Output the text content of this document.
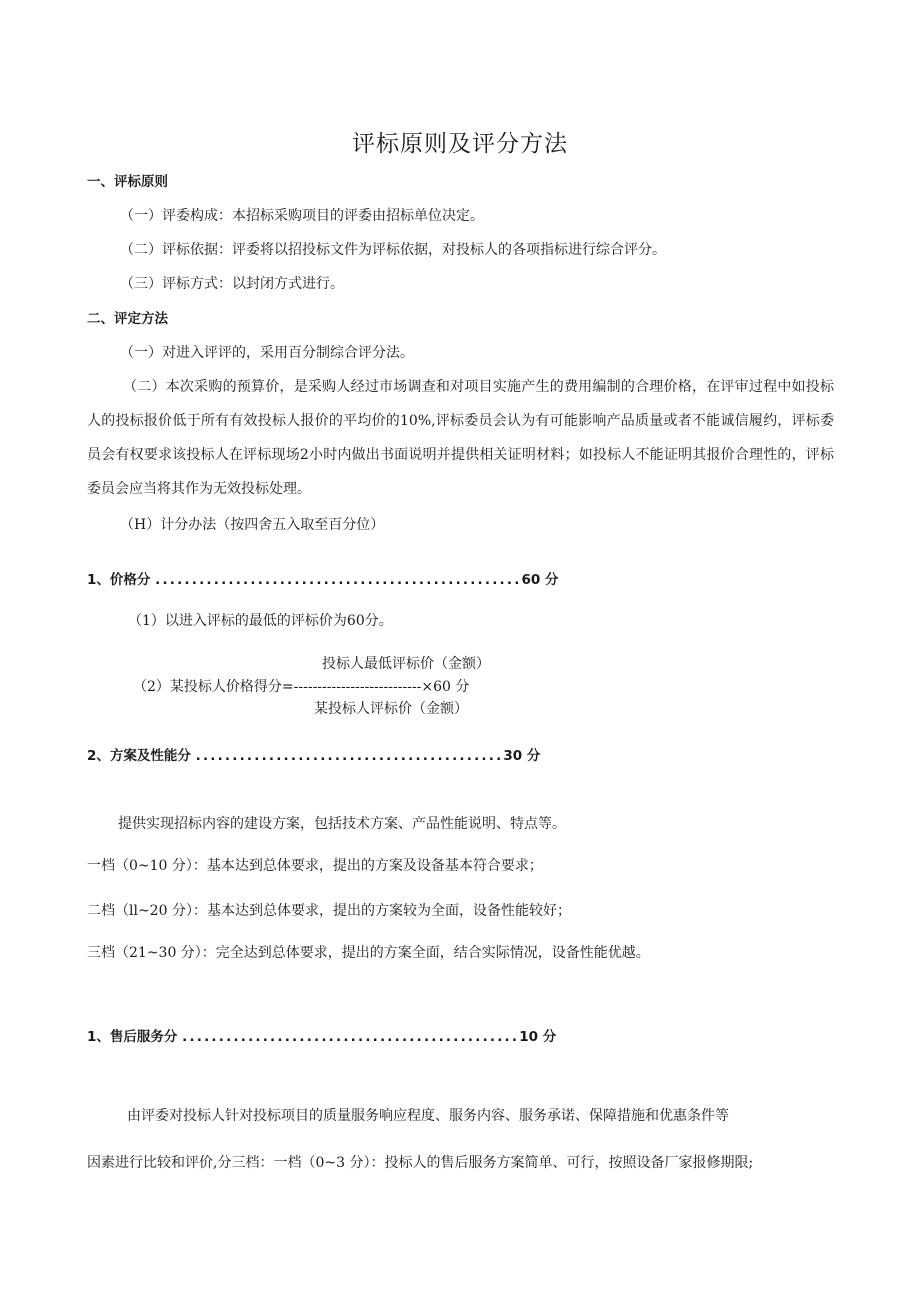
评标原则及评分方法
一、评标原则
（一）评委构成：本招标采购项目的评委由招标单位决定。
（二）评标依据：评委将以招投标文件为评标依据，对投标人的各项指标进行综合评分。
（三）评标方式：以封闭方式进行。
二、评定方法
（一）对进入评评的，采用百分制综合评分法。
（二）本次采购的预算价，是采购人经过市场调查和对项目实施产生的费用编制的合理价格，在评审过程中如投标人的投标报价低于所有有效投标人报价的平均价的10%,评标委员会认为有可能影响产品质量或者不能诚信履约，评标委员会有权要求该投标人在评标现场2小时内做出书面说明并提供相关证明材料；如投标人不能证明其报价合理性的，评标委员会应当将其作为无效投标处理。
（H）计分办法（按四舍五入取至百分位）
1、价格分 ..................................................60 分
（1）以进入评标的最低的评标价为60分。
投标人最低评标价（金额）
（2）某投标人价格得分=---------------------------×60 分
某投标人评标价（金额）
2、方案及性能分 ..........................................30 分
提供实现招标内容的建设方案，包括技术方案、产品性能说明、特点等。
一档（0~10 分）：基本达到总体要求，提出的方案及设备基本符合要求；
二档（ll~20 分）：基本达到总体要求，提出的方案较为全面，设备性能较好；
三档（21~30 分）：完全达到总体要求，提出的方案全面，结合实际情况，设备性能优越。
1、售后服务分 ..............................................10 分
由评委对投标人针对投标项目的质量服务响应程度、服务内容、服务承诺、保障措施和优惠条件等
因素进行比较和评价,分三档：一档（0~3 分）：投标人的售后服务方案简单、可行，按照设备厂家报修期限;
